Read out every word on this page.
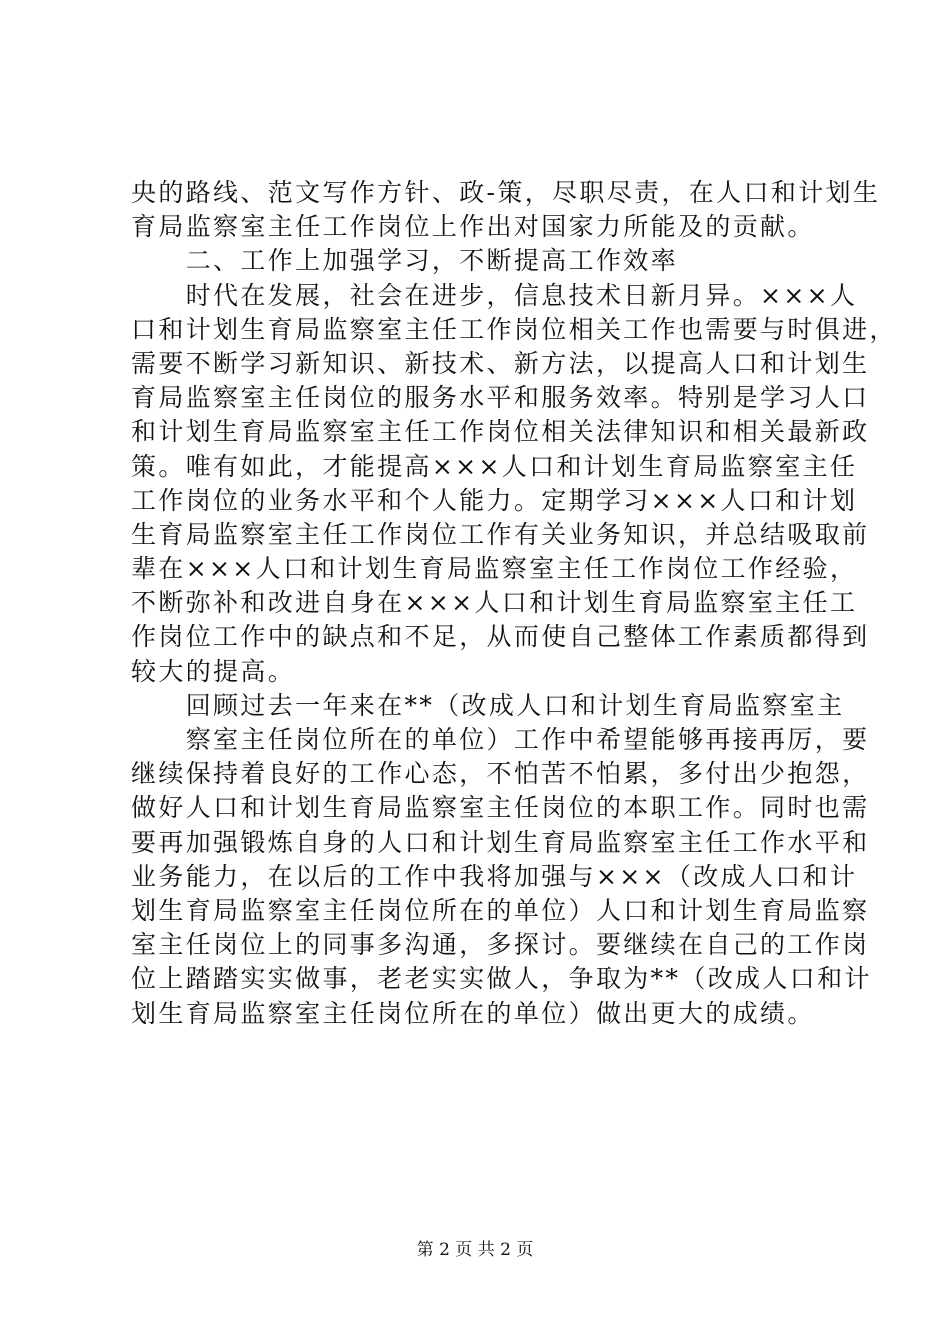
央的路线、范文写作方针、政-策，尽职尽责，在人口和计划生
育局监察室主任工作岗位上作出对国家力所能及的贡献。
　　二、工作上加强学习，不断提高工作效率
　　时代在发展，社会在进步，信息技术日新月异。×××人
口和计划生育局监察室主任工作岗位相关工作也需要与时俱进，
需要不断学习新知识、新技术、新方法，以提高人口和计划生
育局监察室主任岗位的服务水平和服务效率。特别是学习人口
和计划生育局监察室主任工作岗位相关法律知识和相关最新政
策。唯有如此，才能提高×××人口和计划生育局监察室主任
工作岗位的业务水平和个人能力。定期学习×××人口和计划
生育局监察室主任工作岗位工作有关业务知识，并总结吸取前
辈在×××人口和计划生育局监察室主任工作岗位工作经验，
不断弥补和改进自身在×××人口和计划生育局监察室主任工
作岗位工作中的缺点和不足，从而使自己整体工作素质都得到
较大的提高。
　　回顾过去一年来在**（改成人口和计划生育局监察室主
　　察室主任岗位所在的单位）工作中希望能够再接再厉，要
继续保持着良好的工作心态，不怕苦不怕累，多付出少抱怨，
做好人口和计划生育局监察室主任岗位的本职工作。同时也需
要再加强锻炼自身的人口和计划生育局监察室主任工作水平和
业务能力，在以后的工作中我将加强与×××（改成人口和计
划生育局监察室主任岗位所在的单位）人口和计划生育局监察
室主任岗位上的同事多沟通，多探讨。要继续在自己的工作岗
位上踏踏实实做事，老老实实做人，争取为**（改成人口和计
划生育局监察室主任岗位所在的单位）做出更大的成绩。
第 2 页 共 2 页
